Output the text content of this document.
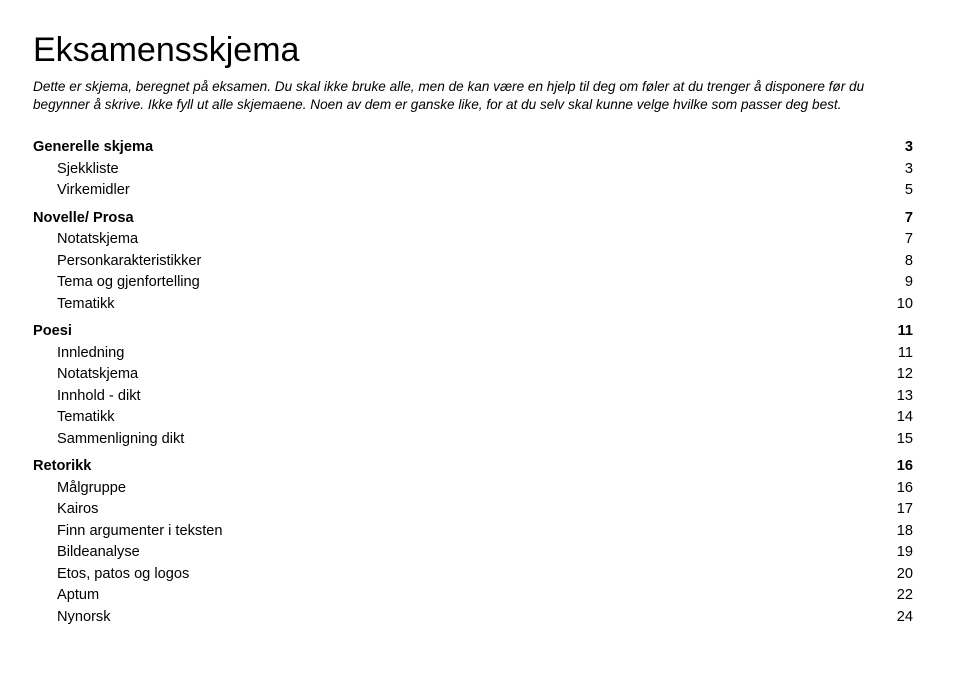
Eksamensskjema

Dette er skjema, beregnet på eksamen. Du skal ikke bruke alle, men de kan være en hjelp til deg om føler at du trenger å disponere før du begynner å skrive. Ikke fyll ut alle skjemaene. Noen av dem er ganske like, for at du selv skal kunne velge hvilke som passer deg best.

Generelle skjema	3
Sjekkliste	3
Virkemidler	5
Novelle/ Prosa	7
Notatskjema	7
Personkarakteristikker	8
Tema og gjenfortelling	9
Tematikk	10
Poesi	11
Innledning	11
Notatskjema	12
Innhold - dikt	13
Tematikk	14
Sammenligning dikt	15
Retorikk	16
Målgruppe	16
Kairos	17
Finn argumenter i teksten	18
Bildeanalyse	19
Etos, patos og logos	20
Aptum	22
Nynorsk	24
